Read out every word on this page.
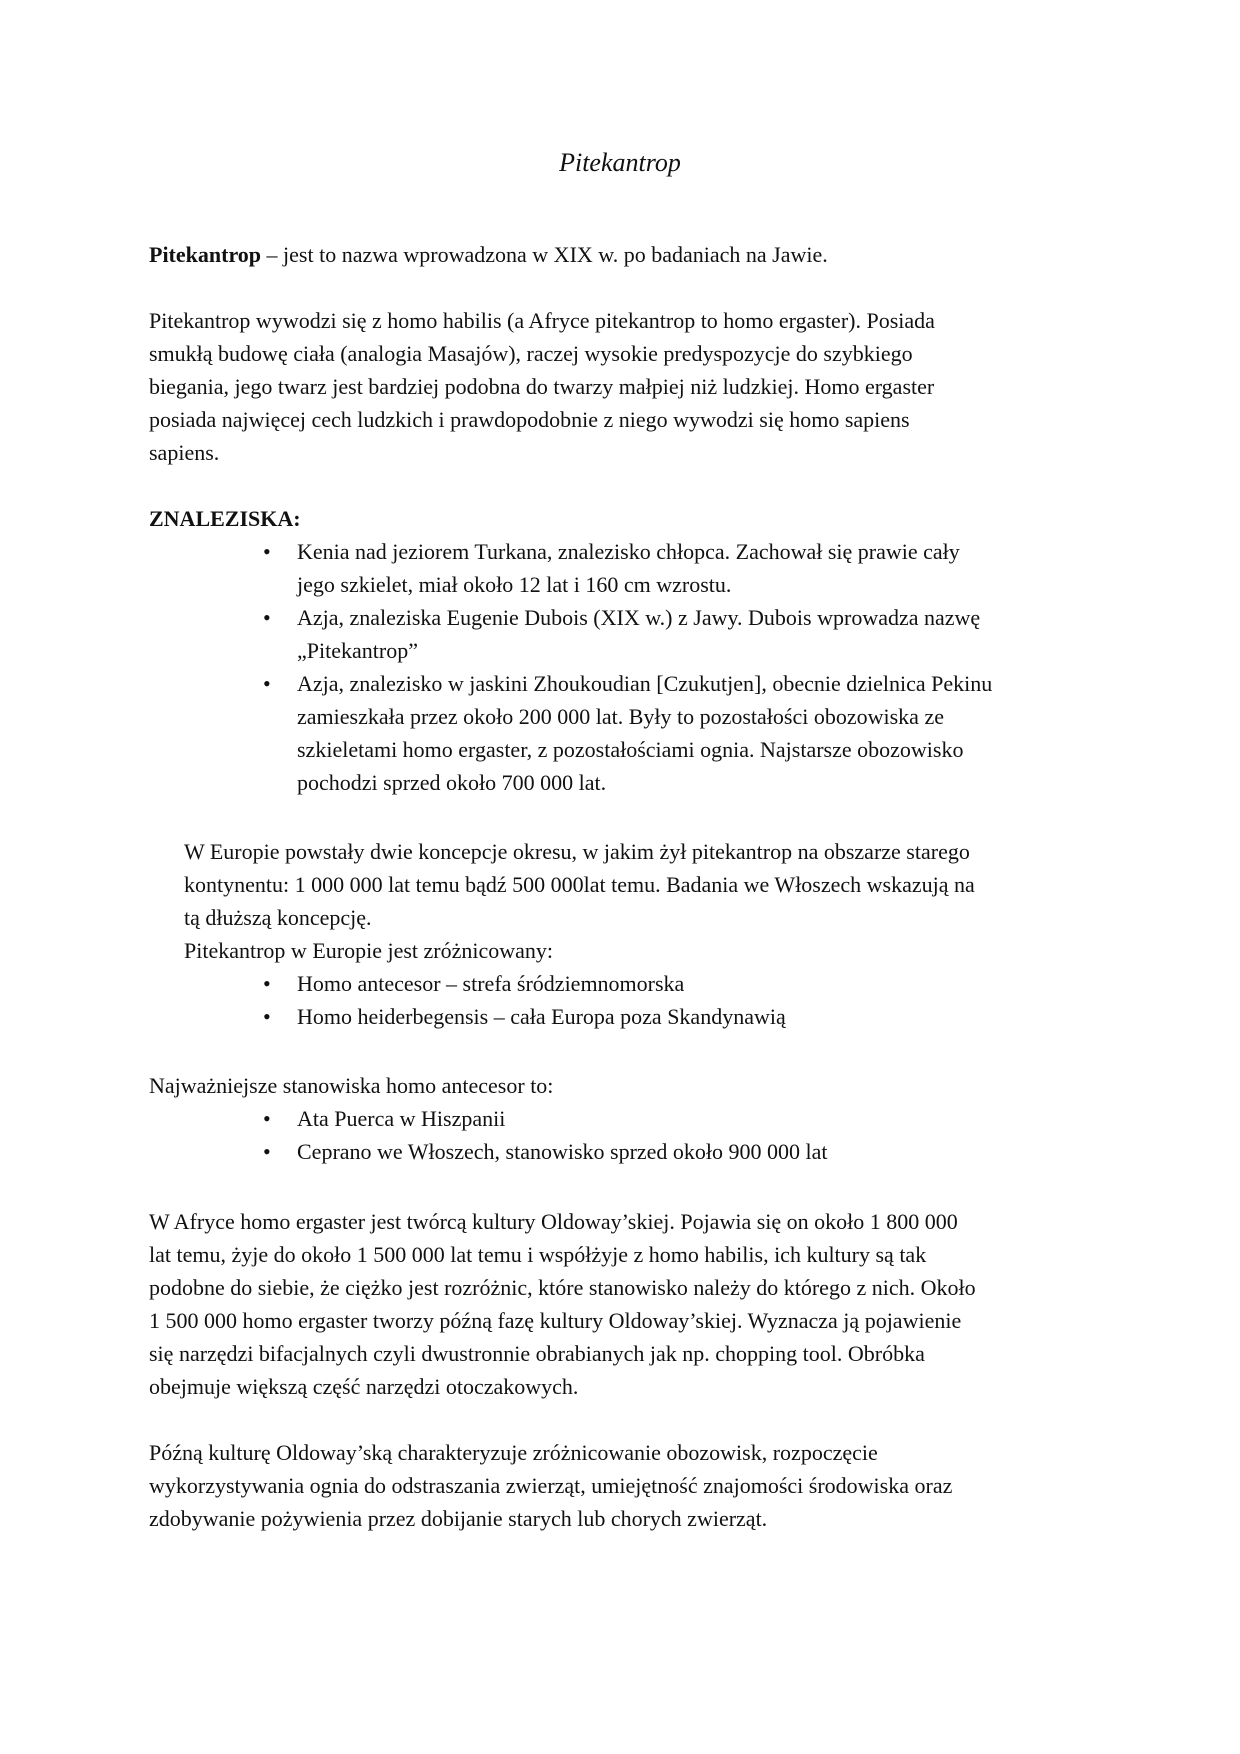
Pitekantrop
Pitekantrop – jest to nazwa wprowadzona w XIX w. po badaniach na Jawie.
Pitekantrop wywodzi się z homo habilis (a Afryce pitekantrop to homo ergaster). Posiada
smukłą budowę ciała (analogia Masajów), raczej wysokie predyspozycje do szybkiego
biegania, jego twarz jest bardziej podobna do twarzy małpiej niż ludzkiej. Homo ergaster
posiada najwięcej cech ludzkich i prawdopodobnie z niego wywodzi się homo sapiens
sapiens.
ZNALEZISKA:
• Kenia nad jeziorem Turkana, znalezisko chłopca. Zachował się prawie cały
jego szkielet, miał około 12 lat i 160 cm wzrostu.
• Azja, znaleziska Eugenie Dubois (XIX w.) z Jawy. Dubois wprowadza nazwę
„Pitekantrop”
• Azja, znalezisko w jaskini Zhoukoudian [Czukutjen], obecnie dzielnica Pekinu
zamieszkała przez około 200 000 lat. Były to pozostałości obozowiska ze
szkieletami homo ergaster, z pozostałościami ognia. Najstarsze obozowisko
pochodzi sprzed około 700 000 lat.
W Europie powstały dwie koncepcje okresu, w jakim żył pitekantrop na obszarze starego
kontynentu: 1 000 000 lat temu bądź 500 000lat temu. Badania we Włoszech wskazują na
tą dłuższą koncepcję.
Pitekantrop w Europie jest zróżnicowany:
• Homo antecesor – strefa śródziemnomorska
• Homo heiderbegensis – cała Europa poza Skandynawią
Najważniejsze stanowiska homo antecesor to:
• Ata Puerca w Hiszpanii
• Ceprano we Włoszech, stanowisko sprzed około 900 000 lat
W Afryce homo ergaster jest twórcą kultury Oldoway’skiej. Pojawia się on około 1 800 000
lat temu, żyje do około 1 500 000 lat temu i współżyje z homo habilis, ich kultury są tak
podobne do siebie, że ciężko jest rozróżnic, które stanowisko należy do którego z nich. Około
1 500 000 homo ergaster tworzy późną fazę kultury Oldoway’skiej. Wyznacza ją pojawienie
się narzędzi bifacjalnych czyli dwustronnie obrabianych jak np. chopping tool. Obróbka
obejmuje większą część narzędzi otoczakowych.
Późną kulturę Oldoway’ską charakteryzuje zróżnicowanie obozowisk, rozpoczęcie
wykorzystywania ognia do odstraszania zwierząt, umiejętność znajomości środowiska oraz
zdobywanie pożywienia przez dobijanie starych lub chorych zwierząt.
